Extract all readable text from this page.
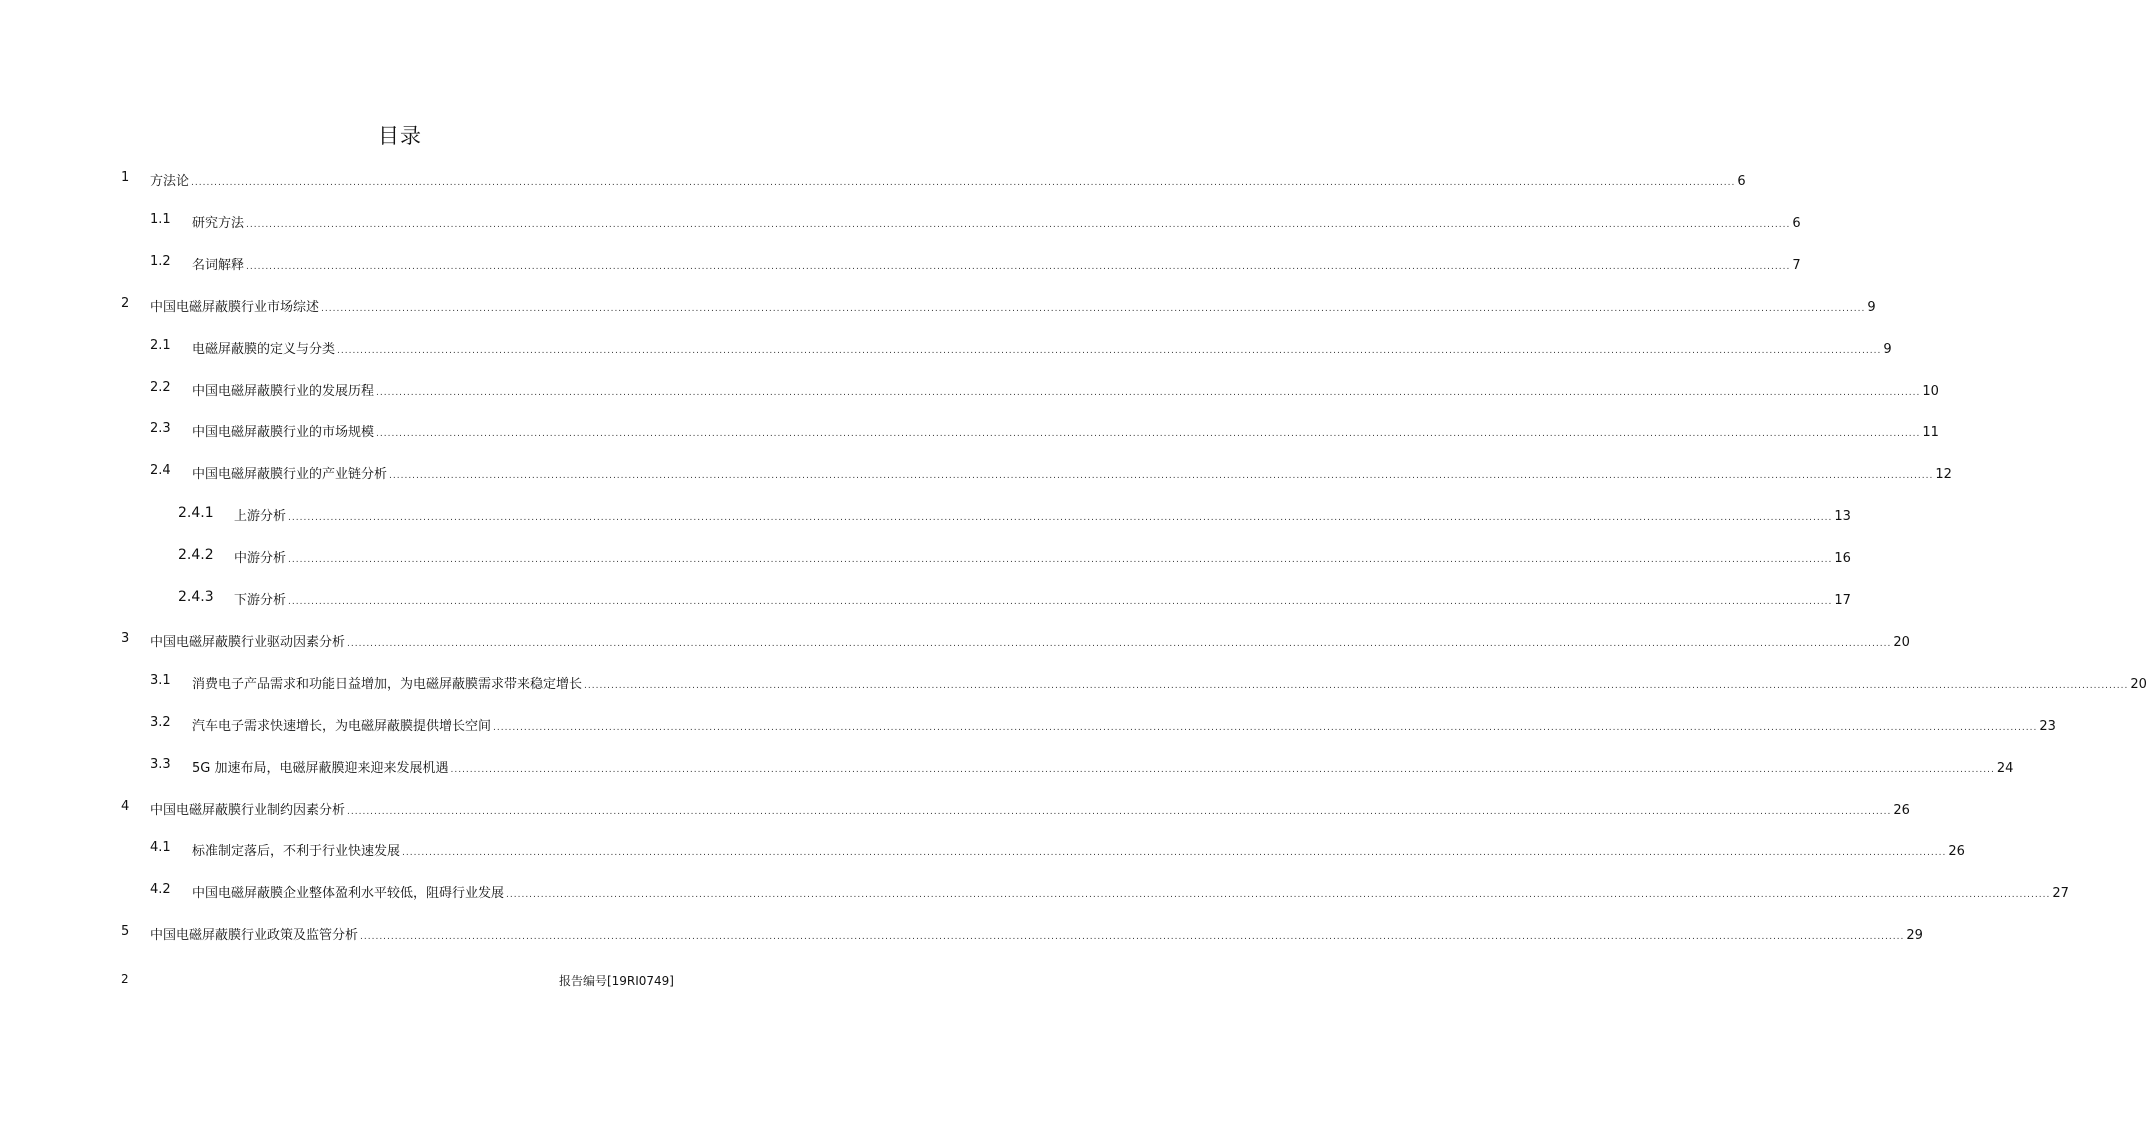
目录
1 方法论 ................................................................................................................................................................................................................................................................................................................................................................................................................ 6
1.1 研究方法 ................................................................................................................................................................................................................................................................................................................................................................................................................ 6
1.2 名词解释 ................................................................................................................................................................................................................................................................................................................................................................................................................ 7
2 中国电磁屏蔽膜行业市场综述 ................................................................................................................................................................................................................................................................................................................................................................................................................ 9
2.1 电磁屏蔽膜的定义与分类 ................................................................................................................................................................................................................................................................................................................................................................................................................ 9
2.2 中国电磁屏蔽膜行业的发展历程 ................................................................................................................................................................................................................................................................................................................................................................................................................ 10
2.3 中国电磁屏蔽膜行业的市场规模 ................................................................................................................................................................................................................................................................................................................................................................................................................ 11
2.4 中国电磁屏蔽膜行业的产业链分析 ................................................................................................................................................................................................................................................................................................................................................................................................................ 12
2.4.1 上游分析 ................................................................................................................................................................................................................................................................................................................................................................................................................ 13
2.4.2 中游分析 ................................................................................................................................................................................................................................................................................................................................................................................................................ 16
2.4.3 下游分析 ................................................................................................................................................................................................................................................................................................................................................................................................................ 17
3 中国电磁屏蔽膜行业驱动因素分析 ................................................................................................................................................................................................................................................................................................................................................................................................................ 20
3.1 消费电子产品需求和功能日益增加，为电磁屏蔽膜需求带来稳定增长 ................................................................................................................................................................................................................................................................................................................................................................................................................ 20
3.2 汽车电子需求快速增长，为电磁屏蔽膜提供增长空间 ................................................................................................................................................................................................................................................................................................................................................................................................................ 23
3.3 5G 加速布局，电磁屏蔽膜迎来迎来发展机遇 ................................................................................................................................................................................................................................................................................................................................................................................................................ 24
4 中国电磁屏蔽膜行业制约因素分析 ................................................................................................................................................................................................................................................................................................................................................................................................................ 26
4.1 标准制定落后，不利于行业快速发展 ................................................................................................................................................................................................................................................................................................................................................................................................................ 26
4.2 中国电磁屏蔽膜企业整体盈利水平较低，阻碍行业发展 ................................................................................................................................................................................................................................................................................................................................................................................................................ 27
5 中国电磁屏蔽膜行业政策及监管分析 ................................................................................................................................................................................................................................................................................................................................................................................................................ 29
2	报告编号[19RI0749]
